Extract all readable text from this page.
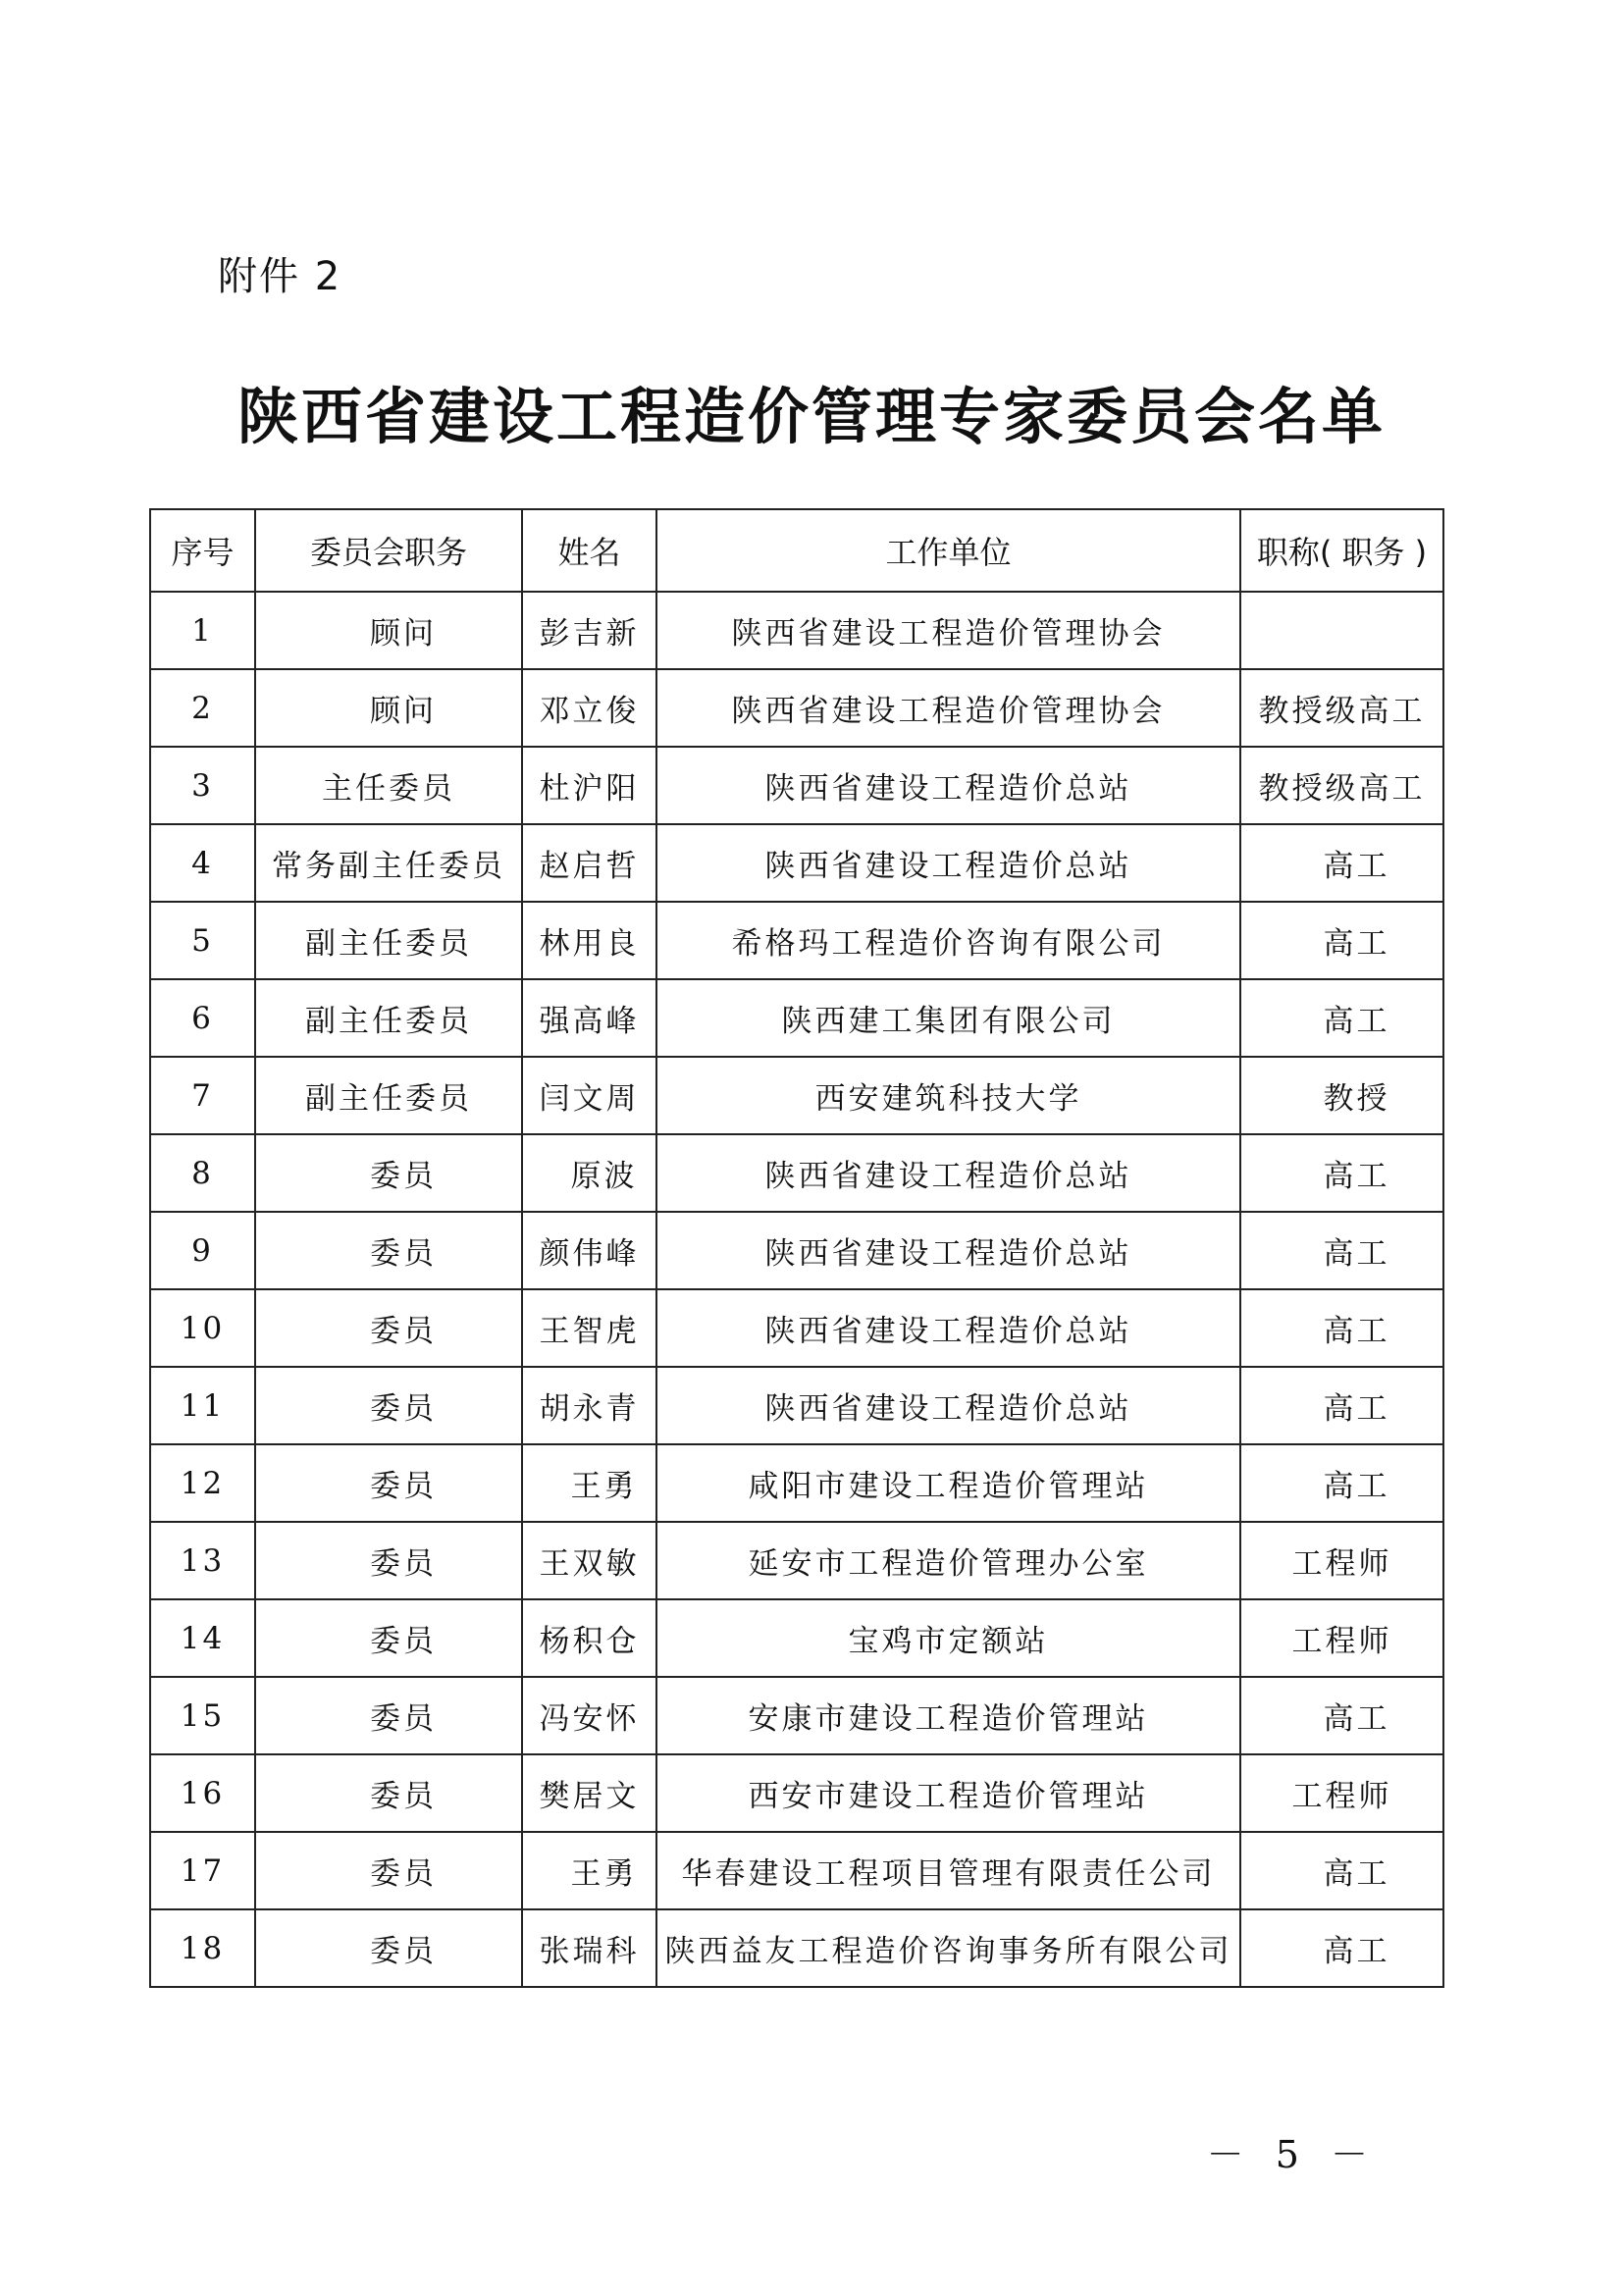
附件 2
陕西省建设工程造价管理专家委员会名单
序号	委员会职务	姓名	工作单位	职称( 职务 )
1	顾问	彭吉新	陕西省建设工程造价管理协会	
2	顾问	邓立俊	陕西省建设工程造价管理协会	教授级高工
3	主任委员	杜沪阳	陕西省建设工程造价总站	教授级高工
4	常务副主任委员	赵启哲	陕西省建设工程造价总站	高工
5	副主任委员	林用良	希格玛工程造价咨询有限公司	高工
6	副主任委员	强高峰	陕西建工集团有限公司	高工
7	副主任委员	闫文周	西安建筑科技大学	教授
8	委员	原波	陕西省建设工程造价总站	高工
9	委员	颜伟峰	陕西省建设工程造价总站	高工
10	委员	王智虎	陕西省建设工程造价总站	高工
11	委员	胡永青	陕西省建设工程造价总站	高工
12	委员	王勇	咸阳市建设工程造价管理站	高工
13	委员	王双敏	延安市工程造价管理办公室	工程师
14	委员	杨积仓	宝鸡市定额站	工程师
15	委员	冯安怀	安康市建设工程造价管理站	高工
16	委员	樊居文	西安市建设工程造价管理站	工程师
17	委员	王勇	华春建设工程项目管理有限责任公司	高工
18	委员	张瑞科	陕西益友工程造价咨询事务所有限公司	高工
－ 5 －
